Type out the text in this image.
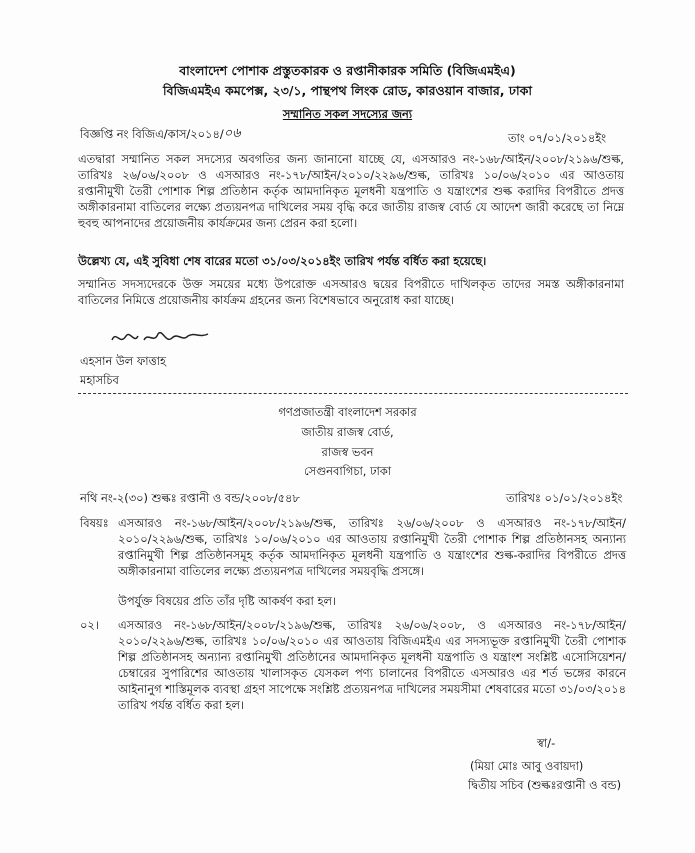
বাংলাদেশ পোশাক প্রস্তুতকারক ও রপ্তানীকারক সমিতি (বিজিএমইএ)
বিজিএমইএ কমপেক্স, ২৩/১, পান্থপথ লিংক রোড, কারওয়ান বাজার, ঢাকা
সম্মানিত সকল সদস্যের জন্য
বিজ্ঞপ্তি নং বিজিএ/কাস/২০১৪/ ০৬	তাং ০৭/০১/২০১৪ইং
এতদ্বারা সম্মানিত সকল সদস্যের অবগতির জন্য জানানো যাচ্ছে যে, এসআরও নং-১৬৮/আইন/২০০৮/২১৯৬/শুল্ক, তারিখঃ ২৬/০৬/২০০৮ ও এসআরও নং-১৭৮/আইন/২০১০/২২৯৬/শুল্ক, তারিখঃ ১০/০৬/২০১০ এর আওতায় রপ্তানীমুখী তৈরী পোশাক শিল্প প্রতিষ্ঠান কর্তৃক আমদানিকৃত মূলধনী যন্ত্রপাতি ও যন্ত্রাংশের শুল্ক করাদির বিপরীতে প্রদত্ত অঙ্গীকারনামা বাতিলের লক্ষ্যে প্রত্যয়নপত্র দাখিলের সময় বৃদ্ধি করে জাতীয় রাজস্ব বোর্ড যে আদেশ জারী করেছে তা নিম্নে হুবহু আপনাদের প্রয়োজনীয় কার্যক্রমের জন্য প্রেরন করা হলো।
উল্লেখ্য যে, এই সুবিধা শেষ বারের মতো ৩১/০৩/২০১৪ইং তারিখ পর্যন্ত বর্ধিত করা হয়েছে।
সম্মানিত সদস্যদেরকে উক্ত সময়ের মধ্যে উপরোক্ত এসআরও দ্বয়ের বিপরীতে দাখিলকৃত তাদের সমস্ত অঙ্গীকারনামা বাতিলের নিমিত্তে প্রয়োজনীয় কার্যক্রম গ্রহনের জন্য বিশেষভাবে অনুরোধ করা যাচ্ছে।
এহসান উল ফাত্তাহ
মহাসচিব
গণপ্রজাতন্ত্রী বাংলাদেশ সরকার
জাতীয় রাজস্ব বোর্ড,
রাজস্ব ভবন
সেগুনবাগিচা, ঢাকা
নথি নং-২(৩০) শুল্কঃ রপ্তানী ও বন্ড/২০০৮/৫৪৮	তারিখঃ ০১/০১/২০১৪ইং
বিষয়ঃ এসআরও নং-১৬৮/আইন/২০০৮/২১৯৬/শুল্ক, তারিখঃ ২৬/০৬/২০০৮ ও এসআরও নং-১৭৮/আইন/২০১০/২২৯৬/শুল্ক, তারিখঃ ১০/০৬/২০১০ এর আওতায় রপ্তানিমুখী তৈরী পোশাক শিল্প প্রতিষ্ঠানসহ অন্যান্য রপ্তানিমুখী শিল্প প্রতিষ্ঠানসমূহ কর্তৃক আমদানিকৃত মূলধনী যন্ত্রপাতি ও যন্ত্রাংশের শুল্ক-করাদির বিপরীতে প্রদত্ত অঙ্গীকারনামা বাতিলের লক্ষ্যে প্রত্যয়নপত্র দাখিলের সময়বৃদ্ধি প্রসঙ্গে।
উপর্যুক্ত বিষয়ের প্রতি তাঁর দৃষ্টি আকর্ষণ করা হল।
০২। এসআরও নং-১৬৮/আইন/২০০৮/২১৯৬/শুল্ক, তারিখঃ ২৬/০৬/২০০৮, ও এসআরও নং-১৭৮/আইন/২০১০/২২৯৬/শুল্ক, তারিখঃ ১০/০৬/২০১০ এর আওতায় বিজিএমইএ এর সদস্যভূক্ত রপ্তানিমুখী তৈরী পোশাক শিল্প প্রতিষ্ঠানসহ অন্যান্য রপ্তানিমুখী প্রতিষ্ঠানের আমদানিকৃত মূলধনী যন্ত্রপাতি ও যন্ত্রাংশ সংশ্লিষ্ট এসোসিয়েশন/চেম্বারের সুপারিশের আওতায় খালাসকৃত যেসকল পণ্য চালানের বিপরীতে এসআরও এর শর্ত ভঙ্গের কারনে আইনানুগ শাস্তিমূলক ব্যবস্থা গ্রহণ সাপেক্ষে সংশ্লিষ্ট প্রত্যয়নপত্র দাখিলের সময়সীমা শেষবারের মতো ৩১/০৩/২০১৪ তারিখ পর্যন্ত বর্ধিত করা হল।
স্বা/-
(মিয়া মোঃ আবু ওবায়দা)
দ্বিতীয় সচিব (শুল্কঃরপ্তানী ও বন্ড)
